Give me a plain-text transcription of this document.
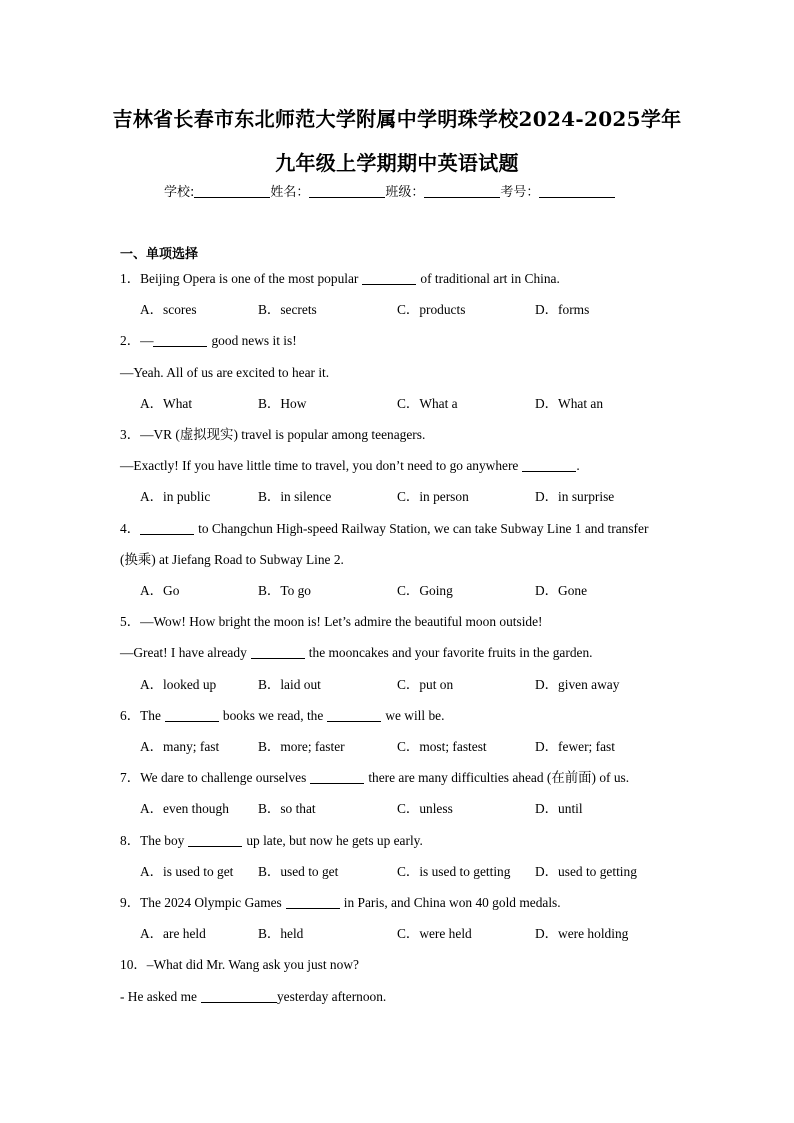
吉林省长春市东北师范大学附属中学明珠学校2024-2025学年
九年级上学期期中英语试题
学校:	姓名：	班级：	考号：
一、单项选择
1．Beijing Opera is one of the most popular	of traditional art in China.
A．scores	B．secrets	C．products	D．forms
2．—	good news it is!
—Yeah. All of us are excited to hear it.
A．What	B．How	C．What a	D．What an
3．—VR (虚拟现实) travel is popular among teenagers.
—Exactly! If you have little time to travel, you don’t need to go anywhere	.
A．in public	B．in silence	C．in person	D．in surprise
4．	to Changchun High-speed Railway Station, we can take Subway Line 1 and transfer
(换乘) at Jiefang Road to Subway Line 2.
A．Go	B．To go	C．Going	D．Gone
5．—Wow! How bright the moon is! Let’s admire the beautiful moon outside!
—Great! I have already	the mooncakes and your favorite fruits in the garden.
A．looked up	B．laid out	C．put on	D．given away
6．The	books we read, the	we will be.
A．many; fast	B．more; faster	C．most; fastest	D．fewer; fast
7．We dare to challenge ourselves	there are many difficulties ahead (在前面) of us.
A．even though B．so that	C．unless	D．until
8．The boy	up late, but now he gets up early.
A．is used to get B．used to get	C．is used to getting D．used to getting
9．The 2024 Olympic Games	in Paris, and China won 40 gold medals.
A．are held	B．held	C．were held	D．were holding
10．–What did Mr. Wang ask you just now?
- He asked me	yesterday afternoon.
